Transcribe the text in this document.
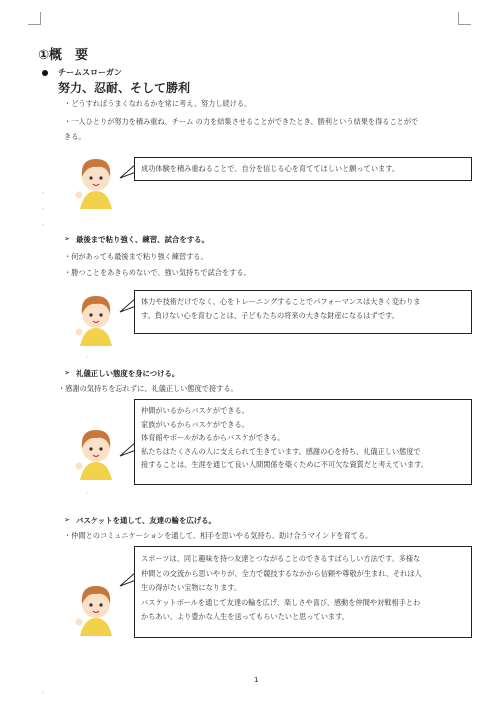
①概　要
チームスローガン
努力、忍耐、そして勝利
・どうすればうまくなれるかを常に考え、努力し続ける。
・一人ひとりが努力を積み重ね、チーム の力を結集させることができたとき、勝利という結果を得ることがで
きる。

成功体験を積み重ねることで、自分を信じる心を育ててほしいと願っています。

,
,
,
➢ 最後まで粘り強く、練習、試合をする。
・何があっても最後まで粘り強く練習する。
・勝つことをあきらめないで、強い気持ちで試合をする。

体力や技術だけでなく、心をトレーニングすることでパフォーマンスは大きく変わりま

す。負けない心を育むことは、子どもたちの将来の大きな財産になるはずです。

,
➢ 礼儀正しい態度を身につける。
・感謝の気持ちを忘れずに、礼儀正しい態度で接する。

仲間がいるからバスケができる。

家族がいるからバスケができる。

体育館やボールがあるからバスケができる。

私たちはたくさんの人に支えられて生きています。感謝の心を持ち、礼儀正しい態度で

接することは、生涯を通じて良い人間関係を築くために不可欠な資質だと考えています。

,
➢ バスケットを通して、友達の輪を広げる。
・仲間とのコミュニケーションを通して、相手を思いやる気持ち、助け合うマインドを育てる。

スポーツは、同じ趣味を持つ友達とつながることのできるすばらしい方法です。多様な

仲間との交流から思いやりが、全力で競技するなかから信頼や尊敬が生まれ、それは人

生の得がたい宝物になります。

バスケットボールを通じて友達の輪を広げ、楽しさや喜び、感動を仲間や対戦相手とわ

かちあい、より豊かな人生を送ってもらいたいと思っています。

1
,
